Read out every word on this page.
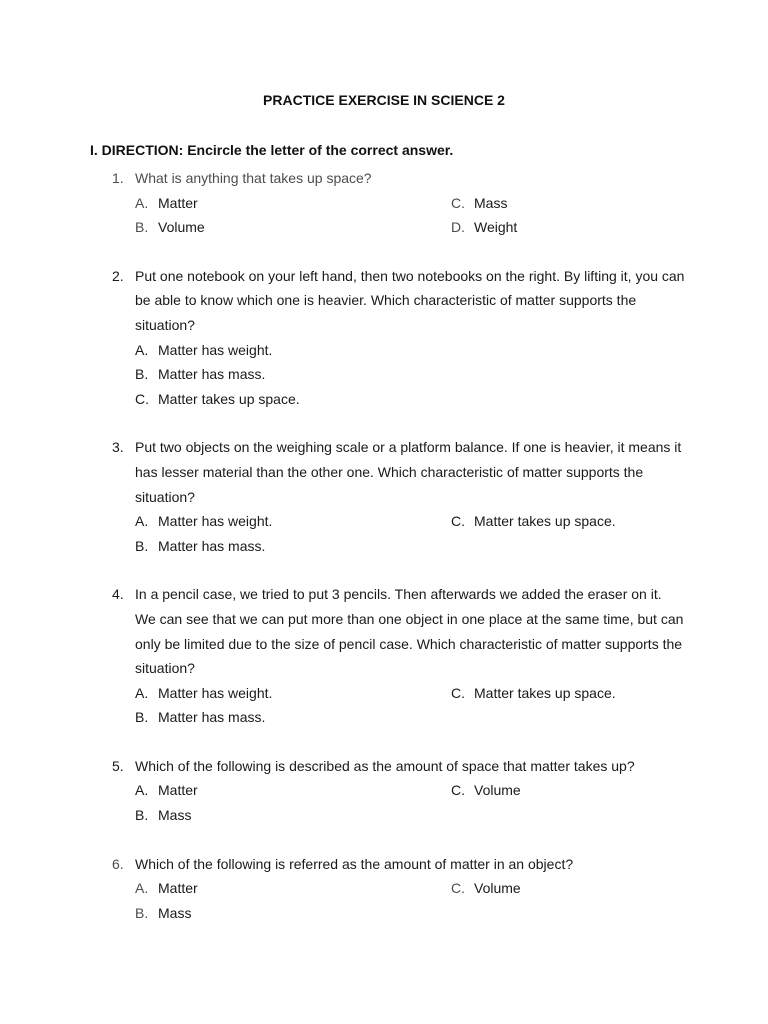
PRACTICE EXERCISE IN SCIENCE 2
I. DIRECTION: Encircle the letter of the correct answer.
1. What is anything that takes up space?
A. Matter	C. Mass
B. Volume	D. Weight
2. Put one notebook on your left hand, then two notebooks on the right. By lifting it, you can
be able to know which one is heavier. Which characteristic of matter supports the
situation?
A. Matter has weight.
B. Matter has mass.
C. Matter takes up space.
3. Put two objects on the weighing scale or a platform balance. If one is heavier, it means it
has lesser material than the other one. Which characteristic of matter supports the
situation?
A. Matter has weight.	C. Matter takes up space.
B. Matter has mass.
4. In a pencil case, we tried to put 3 pencils. Then afterwards we added the eraser on it.
We can see that we can put more than one object in one place at the same time, but can
only be limited due to the size of pencil case. Which characteristic of matter supports the
situation?
A. Matter has weight.	C. Matter takes up space.
B. Matter has mass.
5. Which of the following is described as the amount of space that matter takes up?
A. Matter	C. Volume
B. Mass
6. Which of the following is referred as the amount of matter in an object?
A. Matter	C. Volume
B. Mass
